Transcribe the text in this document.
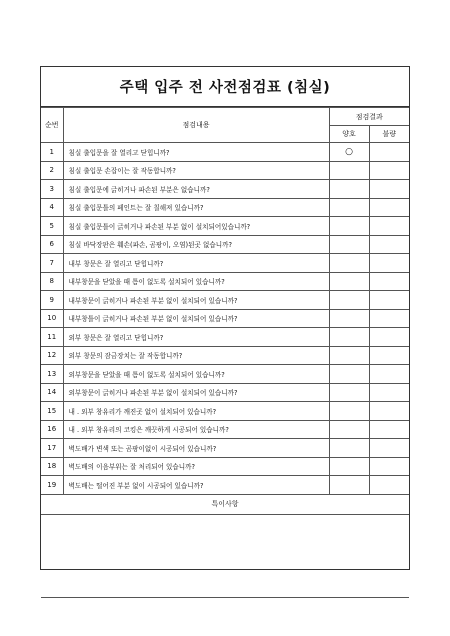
주택 입주 전 사전점검표 (침실)
순번	점검내용	점검결과	
		양호	불량
1	침실 출입문을 잘 열리고 닫힙니까?	○	
2	침실 출입문 손잡이는 잘 작동합니까?		
3	침실 출입문에 긁히거나 파손된 부분은 없습니까?		
4	침실 출입문틀의 페인트는 잘 칠해져 있습니까?		
5	침실 출입문틀이 긁히거나 파손된 부분 없이 설치되어있습니까?		
6	침실 바닥장판은 훼손(파손, 곰팡이, 오염)된곳 없습니까?		
7	내부 창문은 잘 열리고 닫힙니까?		
8	내부창문을 닫았을 때 틈이 없도록 설치되어 있습니까?		
9	내부창문이 긁히거나 파손된 부분 없이 설치되어 있습니까?		
10	내부창틀이 긁히거나 파손된 부분 없이 설치되어 있습니까?		
11	외부 창문은 잘 열리고 닫힙니까?		
12	외부 창문의 잠금장치는 잘 작동합니까?		
13	외부창문을 닫았을 때 틈이 없도록 설치되어 있습니까?		
14	외부창문이 긁히거나 파손된 부분 없이 설치되어 있습니까?		
15	내 . 외부 창유리가 깨진곳 없이 설치되어 있습니까?		
16	내 . 외부 창유리의 코킹은 깨끗하게 시공되어 있습니까?		
17	벽도배가 변색 또는 곰팡이없이 시공되어 있습니까?		
18	벽도배의 이음부위는 잘 처리되어 있습니까?		
19	벽도배는 떨어진 부분 없이 시공되어 있습니까?		
특이사항			
